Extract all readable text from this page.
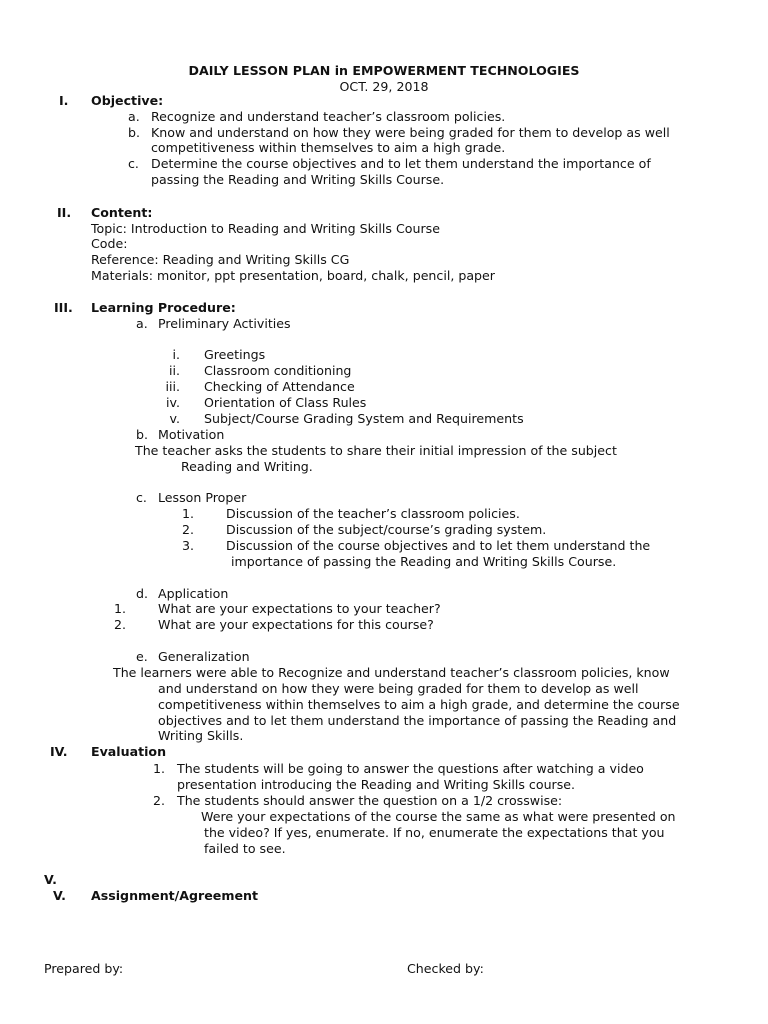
DAILY LESSON PLAN in EMPOWERMENT TECHNOLOGIES
OCT. 29, 2018
I. Objective:
a. Recognize and understand teacher’s classroom policies.
b. Know and understand on how they were being graded for them to develop as well
competitiveness within themselves to aim a high grade.
c. Determine the course objectives and to let them understand the importance of
passing the Reading and Writing Skills Course.
II. Content:
Topic: Introduction to Reading and Writing Skills Course
Code:
Reference: Reading and Writing Skills CG
Materials: monitor, ppt presentation, board, chalk, pencil, paper
III. Learning Procedure:
a. Preliminary Activities
i. Greetings
ii. Classroom conditioning
iii. Checking of Attendance
iv. Orientation of Class Rules
v. Subject/Course Grading System and Requirements
b. Motivation
The teacher asks the students to share their initial impression of the subject
Reading and Writing.
c. Lesson Proper
1.	Discussion of the teacher’s classroom policies.
2.	Discussion of the subject/course’s grading system.
3.	Discussion of the course objectives and to let them understand the
importance of passing the Reading and Writing Skills Course.
d. Application
1.	What are your expectations to your teacher?
2.	What are your expectations for this course?
e. Generalization
The learners were able to Recognize and understand teacher’s classroom policies, know
and understand on how they were being graded for them to develop as well
competitiveness within themselves to aim a high grade, and determine the course
objectives and to let them understand the importance of passing the Reading and
Writing Skills.
IV. Evaluation
1. The students will be going to answer the questions after watching a video
presentation introducing the Reading and Writing Skills course.
2. The students should answer the question on a 1/2 crosswise:
Were your expectations of the course the same as what were presented on
the video? If yes, enumerate. If no, enumerate the expectations that you
failed to see.
V.
V. Assignment/Agreement
Prepared by:	Checked by:
